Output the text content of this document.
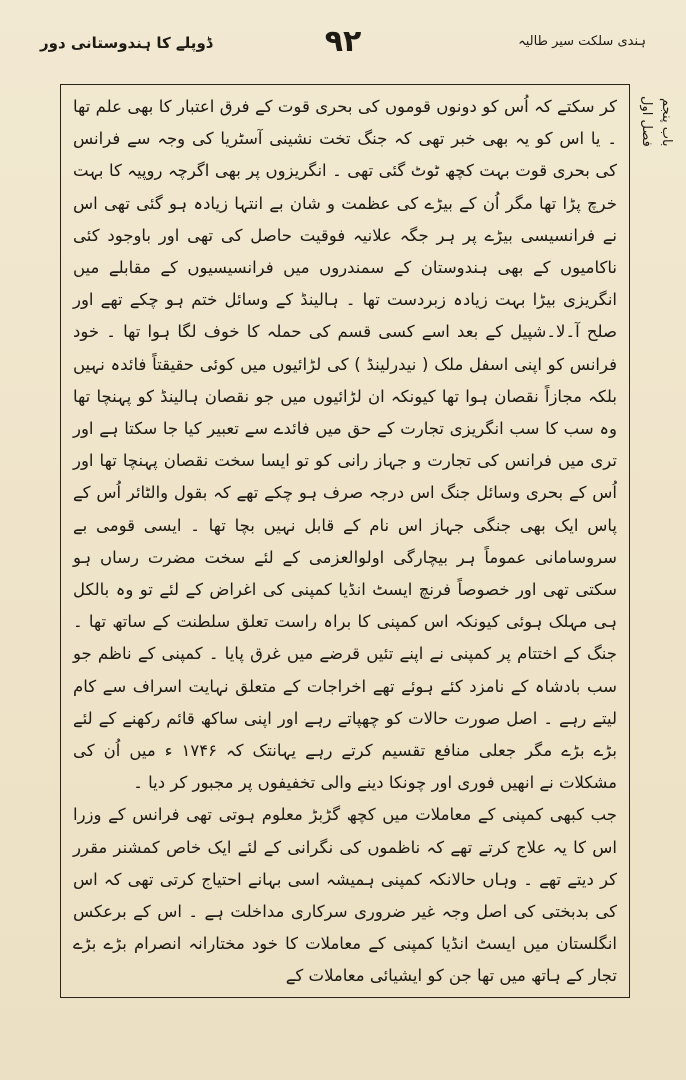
ہندی سلکت سیر طالیہ
۹۲
ڈوپلے کا ہندوستانی دور

کر سکتے کہ اُس کو دونوں قوموں کی بحری قوت کے فرق اعتبار کا بھی علم تھا ۔ یا اس کو یہ بھی خبر تھی کہ جنگ تخت نشینی آسٹریا کی وجہ سے فرانس کی بحری قوت بہت کچھ ٹوٹ گئی تھی ۔ انگریزوں پر بھی اگرچہ روپیہ کا بہت خرچ پڑا تھا مگر اُن کے بیڑے کی عظمت و شان بے انتہا زیادہ ہو گئی تھی اس نے فرانسیسی بیڑے پر ہر جگہ علانیہ فوقیت حاصل کی تھی اور باوجود کئی ناکامیوں کے بھی ہندوستان کے سمندروں میں فرانسیسیوں کے مقابلے میں انگریزی بیڑا بہت زیادہ زبردست تھا ۔ ہالینڈ کے وسائل ختم ہو چکے تھے اور صلح آ۔لا۔شپیل کے بعد اسے کسی قسم کی حملہ کا خوف لگا ہوا تھا ۔ خود فرانس کو اپنی اسفل ملک ( نیدرلینڈ ) کی لڑائیوں میں کوئی حقیقتاً فائدہ نہیں بلکہ مجازاً نقصان ہوا تھا کیونکہ ان لڑائیوں میں جو نقصان ہالینڈ کو پہنچا تھا وہ سب کا سب انگریزی تجارت کے حق میں فائدے سے تعبیر کیا جا سکتا ہے اور تری میں فرانس کی تجارت و جہاز رانی کو تو ایسا سخت نقصان پہنچا تھا اور اُس کے بحری وسائل جنگ اس درجہ صرف ہو چکے تھے کہ بقول والٹائر اُس کے پاس ایک بھی جنگی جہاز اس نام کے قابل نہیں بچا تھا ۔ ایسی قومی بے سروسامانی عموماً ہر بیچارگی اولوالعزمی کے لئے سخت مضرت رساں ہو سکتی تھی اور خصوصاً فرنچ ایسٹ انڈیا کمپنی کی اغراض کے لئے تو وہ بالکل ہی مہلک ہوئی کیونکہ اس کمپنی کا براہ راست تعلق سلطنت کے ساتھ تھا ۔ جنگ کے اختتام پر کمپنی نے اپنے تئیں قرضے میں غرق پایا ۔ کمپنی کے ناظم جو سب بادشاہ کے نامزد کئے ہوئے تھے اخراجات کے متعلق نہایت اسراف سے کام لیتے رہے ۔ اصل صورت حالات کو چھپاتے رہے اور اپنی ساکھ قائم رکھنے کے لئے بڑے بڑے مگر جعلی منافع تقسیم کرتے رہے یہانتک کہ ۱۷۴۶ ء میں اُن کی مشکلات نے انھیں فوری اور چونکا دینے والی تخفیفوں پر مجبور کر دیا ۔

جب کبھی کمپنی کے معاملات میں کچھ گڑبڑ معلوم ہوتی تھی فرانس کے وزرا اس کا یہ علاج کرتے تھے کہ ناظموں کی نگرانی کے لئے ایک خاص کمشنر مقرر کر دیتے تھے ۔ وہاں حالانکہ کمپنی ہمیشہ اسی بہانے احتیاج کرتی تھی کہ اس کی بدبختی کی اصل وجہ غیر ضروری سرکاری مداخلت ہے ۔ اس کے برعکس انگلستان میں ایسٹ انڈیا کمپنی کے معاملات کا خود مختارانہ انصرام بڑے بڑے تجار کے ہاتھ میں تھا جن کو ایشیائی معاملات کے

باب پنجم
فصل اول
